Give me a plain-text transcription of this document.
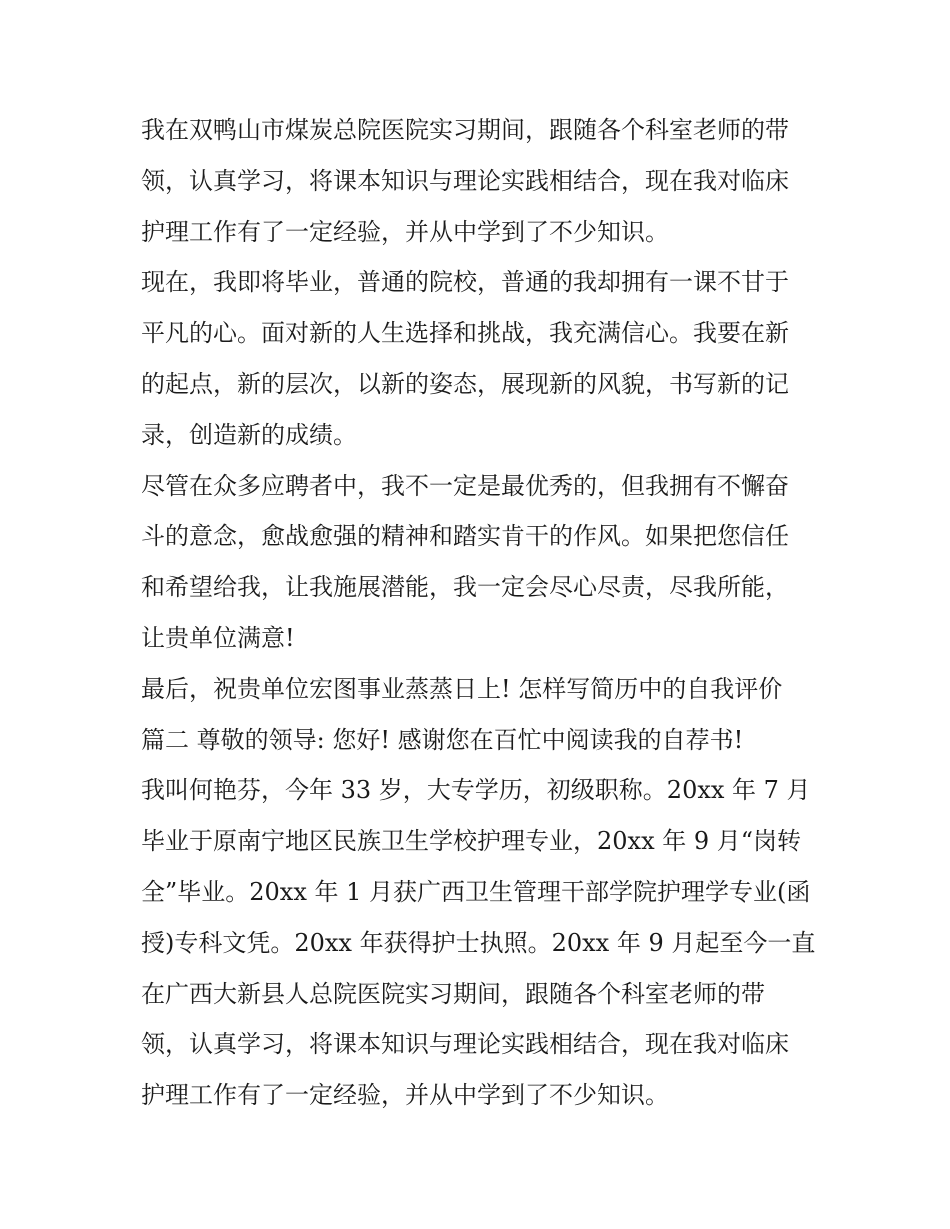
我在双鸭山市煤炭总院医院实习期间，跟随各个科室老师的带
领，认真学习，将课本知识与理论实践相结合，现在我对临床
护理工作有了一定经验，并从中学到了不少知识。
现在，我即将毕业，普通的院校，普通的我却拥有一课不甘于
平凡的心。面对新的人生选择和挑战，我充满信心。我要在新
的起点，新的层次，以新的姿态，展现新的风貌，书写新的记
录，创造新的成绩。
尽管在众多应聘者中，我不一定是最优秀的，但我拥有不懈奋
斗的意念，愈战愈强的精神和踏实肯干的作风。如果把您信任
和希望给我，让我施展潜能，我一定会尽心尽责，尽我所能，
让贵单位满意!
最后，祝贵单位宏图事业蒸蒸日上! 怎样写简历中的自我评价
篇二 尊敬的领导: 您好! 感谢您在百忙中阅读我的自荐书!
我叫何艳芬，今年 33 岁，大专学历，初级职称。20xx 年 7 月
毕业于原南宁地区民族卫生学校护理专业，20xx 年 9 月“岗转
全”毕业。20xx 年 1 月获广西卫生管理干部学院护理学专业(函
授)专科文凭。20xx 年获得护士执照。20xx 年 9 月起至今一直
在广西大新县人总院医院实习期间，跟随各个科室老师的带
领，认真学习，将课本知识与理论实践相结合，现在我对临床
护理工作有了一定经验，并从中学到了不少知识。
